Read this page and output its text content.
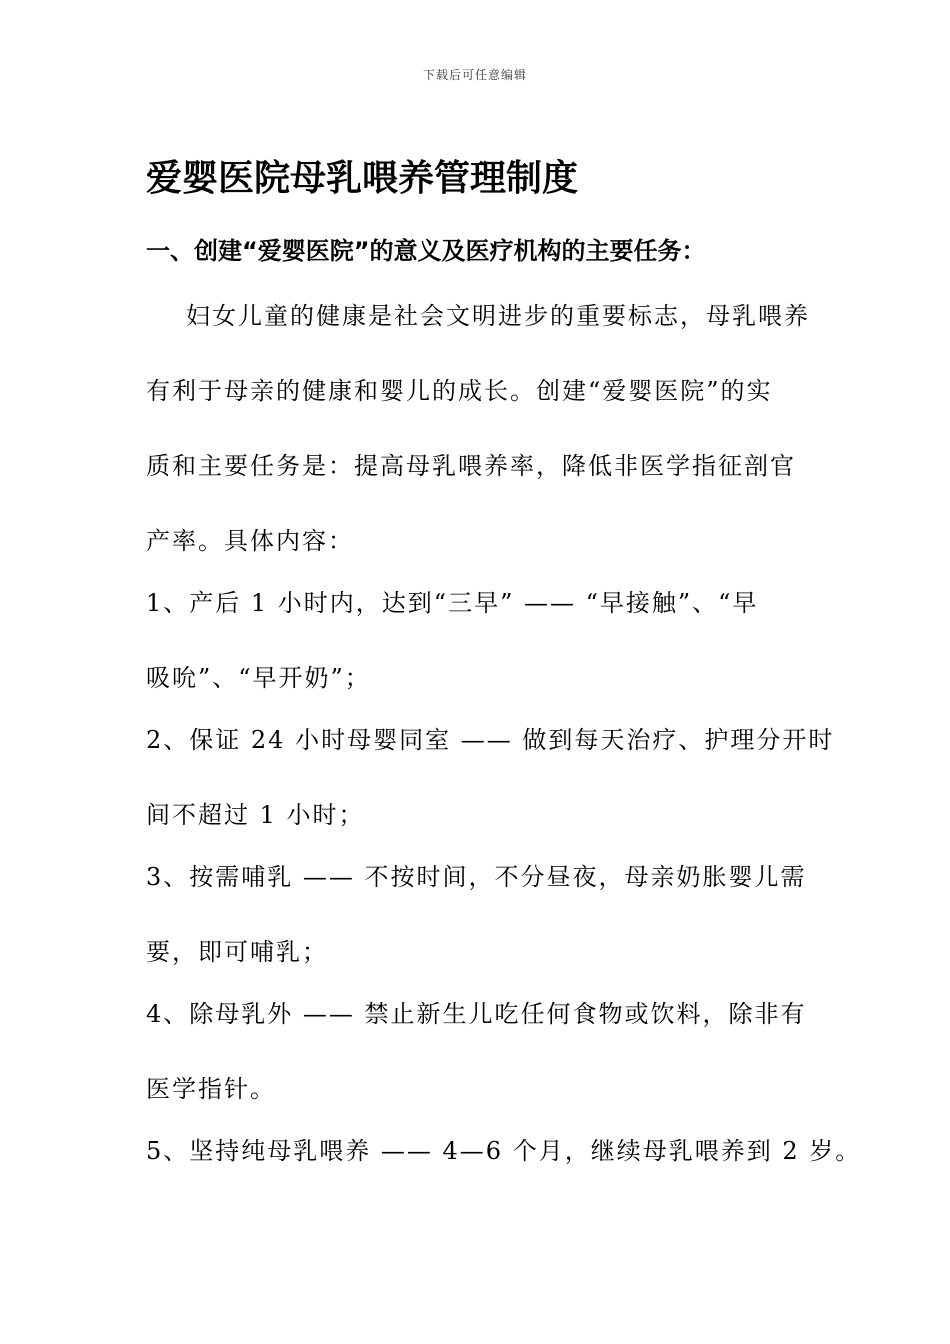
下载后可任意编辑
爱婴医院母乳喂养管理制度
一、创建“爱婴医院”的意义及医疗机构的主要任务：
妇女儿童的健康是社会文明进步的重要标志，母乳喂养
有利于母亲的健康和婴儿的成长。创建“爱婴医院”的实
质和主要任务是：提高母乳喂养率，降低非医学指征剖官
产率。具体内容：
1、产后 1 小时内，达到“三早” —— “早接触”、“早
吸吮”、“早开奶”；
2、保证 24 小时母婴同室 —— 做到每天治疗、护理分开时
间不超过 1 小时；
3、按需哺乳 —— 不按时间，不分昼夜，母亲奶胀婴儿需
要，即可哺乳；
4、除母乳外 —— 禁止新生儿吃任何食物或饮料，除非有
医学指针。
5、坚持纯母乳喂养 —— 4—6 个月，继续母乳喂养到 2 岁。
